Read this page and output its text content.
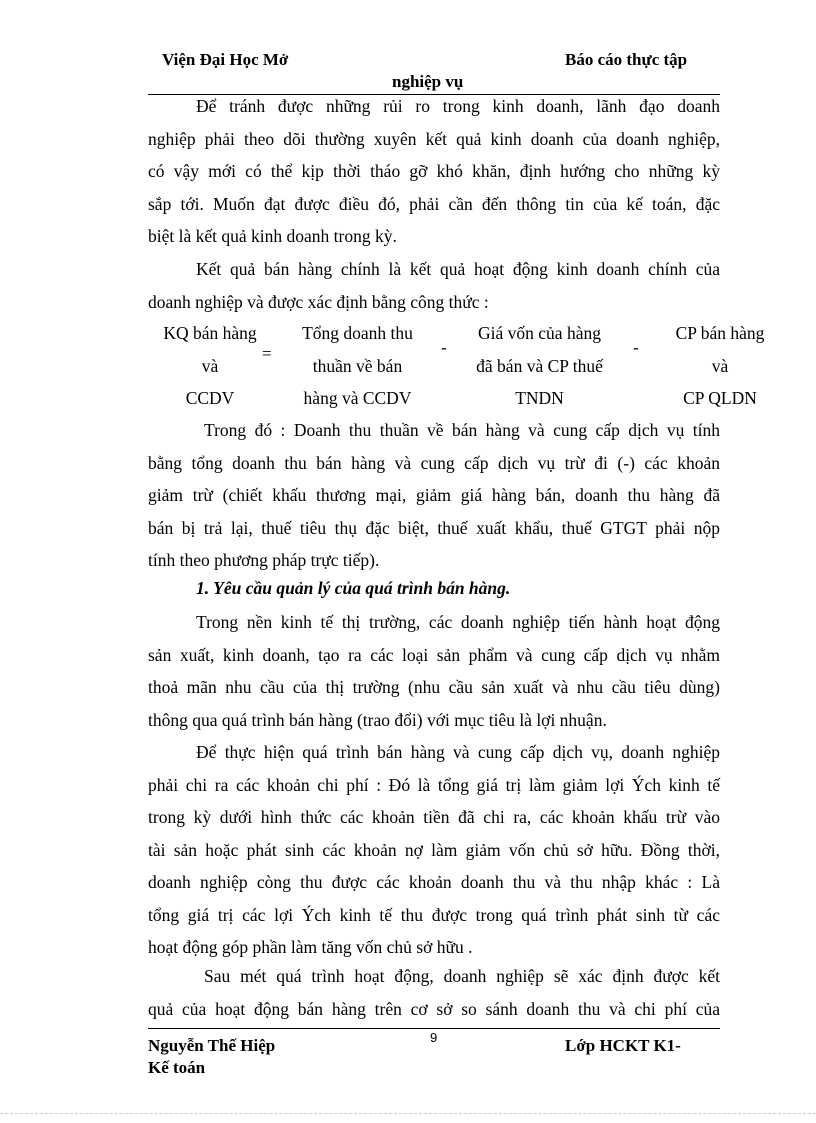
Viện Đại Học Mở	Báo cáo thực tập
nghiệp vụ
Để tránh được những rủi ro trong kinh doanh, lãnh đạo doanh
nghiệp phải theo dõi thường xuyên kết quả kinh doanh của doanh nghiệp,
có vậy mới có thể kịp thời tháo gỡ khó khăn, định hướng cho những kỳ
sắp tới. Muốn đạt được điều đó, phải cần đến thông tin của kế toán, đặc
biệt là kết quả kinh doanh trong kỳ.
Kết quả bán hàng chính là kết quả hoạt động kinh doanh chính của
doanh nghiệp và được xác định bằng công thức :
KQ bán hàng
và
CCDV
=
Tổng doanh thu
thuần về bán
hàng và CCDV
-
Giá vốn của hàng
đã bán và CP thuế
TNDN
-
CP bán hàng
và
CP QLDN
Trong đó : Doanh thu thuần về bán hàng và cung cấp dịch vụ tính
bằng tổng doanh thu bán hàng và cung cấp dịch vụ trừ đi (-) các khoản
giảm trừ (chiết khấu thương mại, giảm giá hàng bán, doanh thu hàng đã
bán bị trả lại, thuế tiêu thụ đặc biệt, thuế xuất khẩu, thuế GTGT phải nộp
tính theo phương pháp trực tiếp).
1. Yêu cầu quản lý của quá trình bán hàng.
Trong nền kinh tế thị trường, các doanh nghiệp tiến hành hoạt động
sản xuất, kinh doanh, tạo ra các loại sản phẩm và cung cấp dịch vụ nhằm
thoả mãn nhu cầu của thị trường (nhu cầu sản xuất và nhu cầu tiêu dùng)
thông qua quá trình bán hàng (trao đổi) với mục tiêu là lợi nhuận.
Để thực hiện quá trình bán hàng và cung cấp dịch vụ, doanh nghiệp
phải chi ra các khoản chi phí : Đó là tổng giá trị làm giảm lợi Ých kinh tế
trong kỳ dưới hình thức các khoản tiền đã chi ra, các khoản khấu trừ vào
tài sản hoặc phát sinh các khoản nợ làm giảm vốn chủ sở hữu. Đồng thời,
doanh nghiệp còng thu được các khoản doanh thu và thu nhập khác : Là
tổng giá trị các lợi Ých kinh tế thu được trong quá trình phát sinh từ các
hoạt động góp phần làm tăng vốn chủ sở hữu .
Sau mét quá trình hoạt động, doanh nghiệp sẽ xác định được kết
quả của hoạt động bán hàng trên cơ sở so sánh doanh thu và chi phí của
Nguyễn Thế Hiệp
Kế toán
9	Lớp HCKT K1-
